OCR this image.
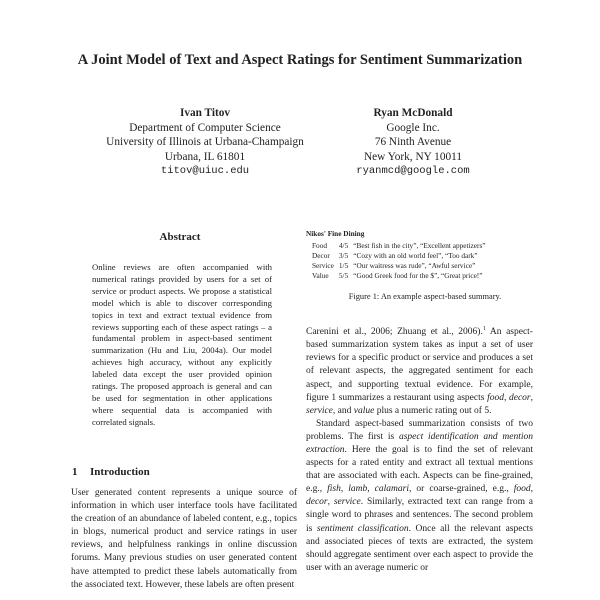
A Joint Model of Text and Aspect Ratings for Sentiment Summarization
Ivan Titov
Department of Computer Science
University of Illinois at Urbana-Champaign
Urbana, IL 61801
titov@uiuc.edu
Ryan McDonald
Google Inc.
76 Ninth Avenue
New York, NY 10011
ryanmcd@google.com
Abstract
Online reviews are often accompanied with numerical ratings provided by users for a set of service or product aspects. We propose a statistical model which is able to discover corresponding topics in text and extract textual evidence from reviews supporting each of these aspect ratings – a fundamental problem in aspect-based sentiment summarization (Hu and Liu, 2004a). Our model achieves high accuracy, without any explicitly labeled data except the user provided opinion ratings. The proposed approach is general and can be used for segmentation in other applications where sequential data is accompanied with correlated signals.
1 Introduction
User generated content represents a unique source of information in which user interface tools have facilitated the creation of an abundance of labeled content, e.g., topics in blogs, numerical product and service ratings in user reviews, and helpfulness rankings in online discussion forums. Many previous studies on user generated content have attempted to predict these labels automatically from the associated text. However, these labels are often present
Nikos' Fine Dining
Food	4/5	“Best fish in the city”, “Excellent appetizers”
Decor	3/5	“Cozy with an old world feel”, “Too dark”
Service	1/5	“Our waitress was rude”, “Awful service”
Value	5/5	“Good Greek food for the $”, “Great price!”
Figure 1: An example aspect-based summary.

Carenini et al., 2006; Zhuang et al., 2006).$^1$ An aspect-based summarization system takes as input a set of user reviews for a specific product or service and produces a set of relevant aspects, the aggregated sentiment for each aspect, and supporting textual evidence. For example, figure 1 summarizes a restaurant using aspects food, decor, service, and value plus a numeric rating out of 5.

Standard aspect-based summarization consists of two problems. The first is aspect identification and mention extraction. Here the goal is to find the set of relevant aspects for a rated entity and extract all textual mentions that are associated with each. Aspects can be fine-grained, e.g., fish, lamb, calamari, or coarse-grained, e.g., food, decor, service. Similarly, extracted text can range from a single word to phrases and sentences. The second problem is sentiment classification. Once all the relevant aspects and associated pieces of texts are extracted, the system should aggregate sentiment over each aspect to provide the user with an average numeric or
